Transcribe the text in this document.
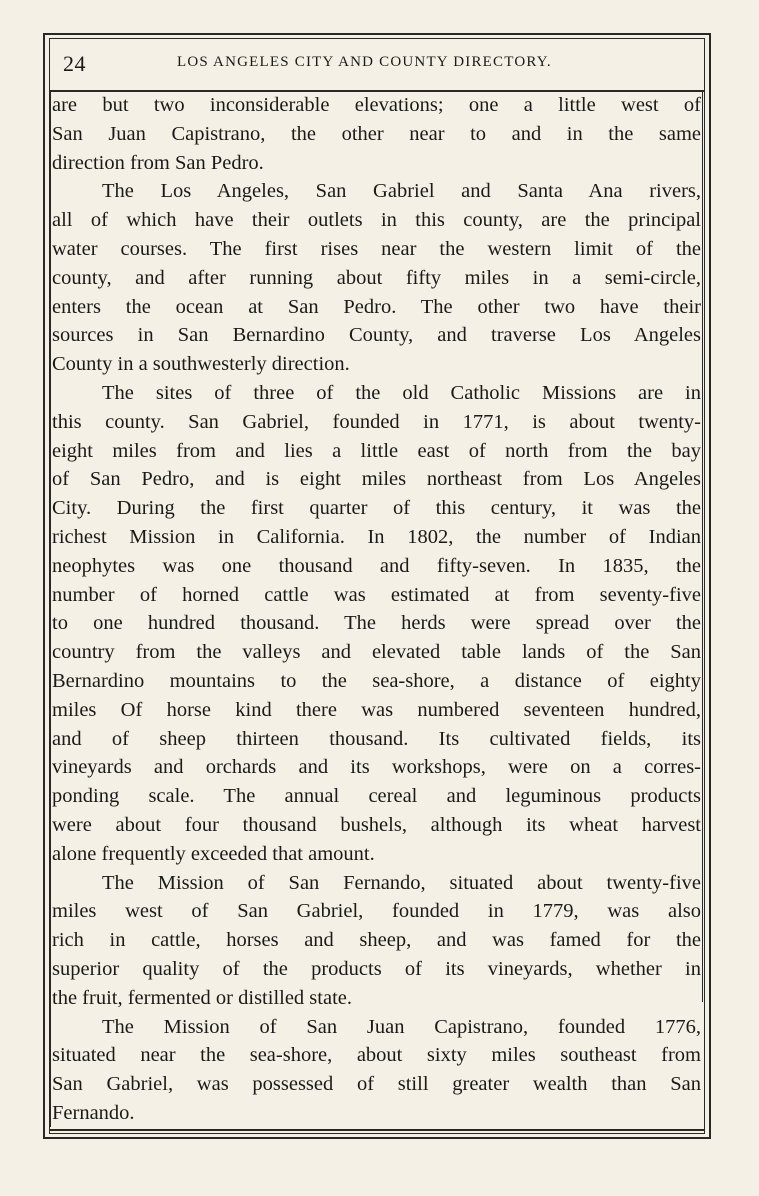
24	LOS ANGELES CITY AND COUNTY DIRECTORY.
are but two inconsiderable elevations; one a little west of
San Juan Capistrano, the other near to and in the same
direction from San Pedro.
The Los Angeles, San Gabriel and Santa Ana rivers,
all of which have their outlets in this county, are the principal
water courses. The first rises near the western limit of the
county, and after running about fifty miles in a semi-circle,
enters the ocean at San Pedro. The other two have their
sources in San Bernardino County, and traverse Los Angeles
County in a southwesterly direction.
The sites of three of the old Catholic Missions are in
this county. San Gabriel, founded in 1771, is about twenty-
eight miles from and lies a little east of north from the bay
of San Pedro, and is eight miles northeast from Los Angeles
City. During the first quarter of this century, it was the
richest Mission in California. In 1802, the number of Indian
neophytes was one thousand and fifty-seven. In 1835, the
number of horned cattle was estimated at from seventy-five
to one hundred thousand. The herds were spread over the
country from the valleys and elevated table lands of the San
Bernardino mountains to the sea-shore, a distance of eighty
miles Of horse kind there was numbered seventeen hundred,
and of sheep thirteen thousand. Its cultivated fields, its
vineyards and orchards and its workshops, were on a corres-
ponding scale. The annual cereal and leguminous products
were about four thousand bushels, although its wheat harvest
alone frequently exceeded that amount.
The Mission of San Fernando, situated about twenty-five
miles west of San Gabriel, founded in 1779, was also
rich in cattle, horses and sheep, and was famed for the
superior quality of the products of its vineyards, whether in
the fruit, fermented or distilled state.
The Mission of San Juan Capistrano, founded 1776,
situated near the sea-shore, about sixty miles southeast from
San Gabriel, was possessed of still greater wealth than San
Fernando.
